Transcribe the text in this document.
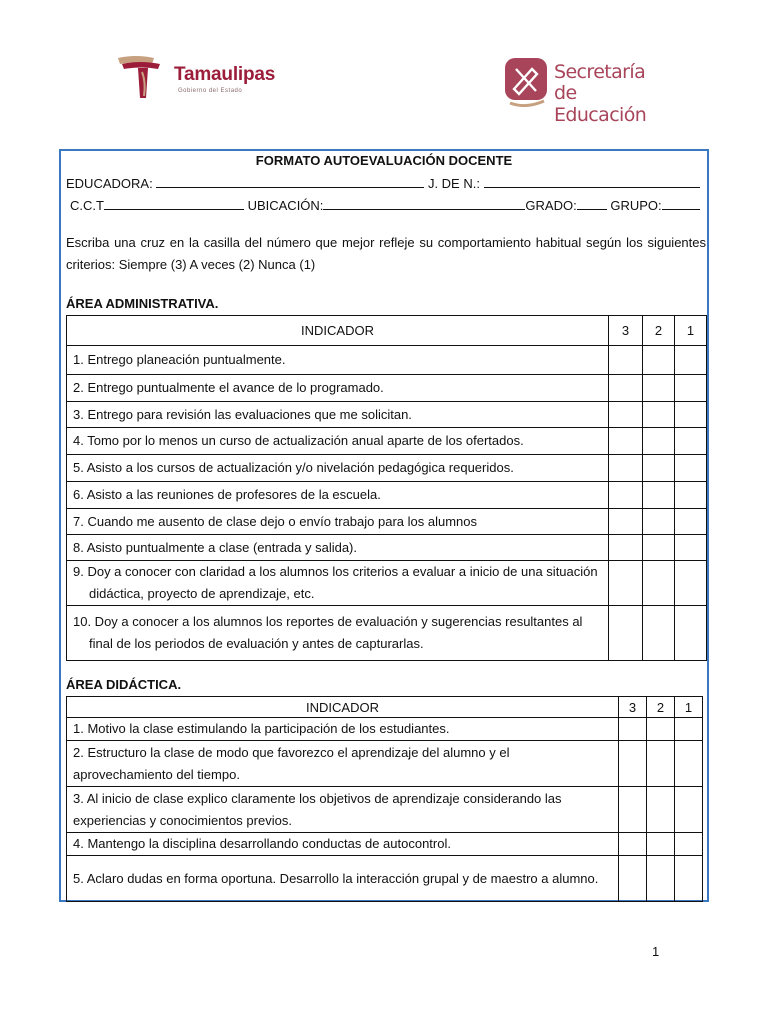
Tamaulipas
Gobierno del Estado
Secretaría
de Educación
FORMATO AUTOEVALUACIÓN DOCENTE
EDUCADORA:	J. DE N.:
C.C.T	UBICACIÓN:	GRADO:	GRUPO:
Escriba una cruz en la casilla del número que mejor refleje su comportamiento habitual según los siguientes criterios: Siempre (3) A veces (2) Nunca (1)
ÁREA ADMINISTRATIVA.
INDICADOR	3	2	1
1. Entrego planeación puntualmente.			
2. Entrego puntualmente el avance de lo programado.			
3. Entrego para revisión las evaluaciones que me solicitan.			
4. Tomo por lo menos un curso de actualización anual aparte de los ofertados.			
5. Asisto a los cursos de actualización y/o nivelación pedagógica requeridos.			
6. Asisto a las reuniones de profesores de la escuela.			
7. Cuando me ausento de clase dejo o envío trabajo para los alumnos			
8. Asisto puntualmente a clase (entrada y salida).			
9. Doy a conocer con claridad a los alumnos los criterios a evaluar a inicio de una situación didáctica, proyecto de aprendizaje, etc.			
10. Doy a conocer a los alumnos los reportes de evaluación y sugerencias resultantes al final de los periodos de evaluación y antes de capturarlas.			
ÁREA DIDÁCTICA.
INDICADOR	3	2	1
1. Motivo la clase estimulando la participación de los estudiantes.			
2. Estructuro la clase de modo que favorezco el aprendizaje del alumno y el aprovechamiento del tiempo.			
3. Al inicio de clase explico claramente los objetivos de aprendizaje considerando las experiencias y conocimientos previos.			
4. Mantengo la disciplina desarrollando conductas de autocontrol.			
5. Aclaro dudas en forma oportuna. Desarrollo la interacción grupal y de maestro a alumno.			
1
